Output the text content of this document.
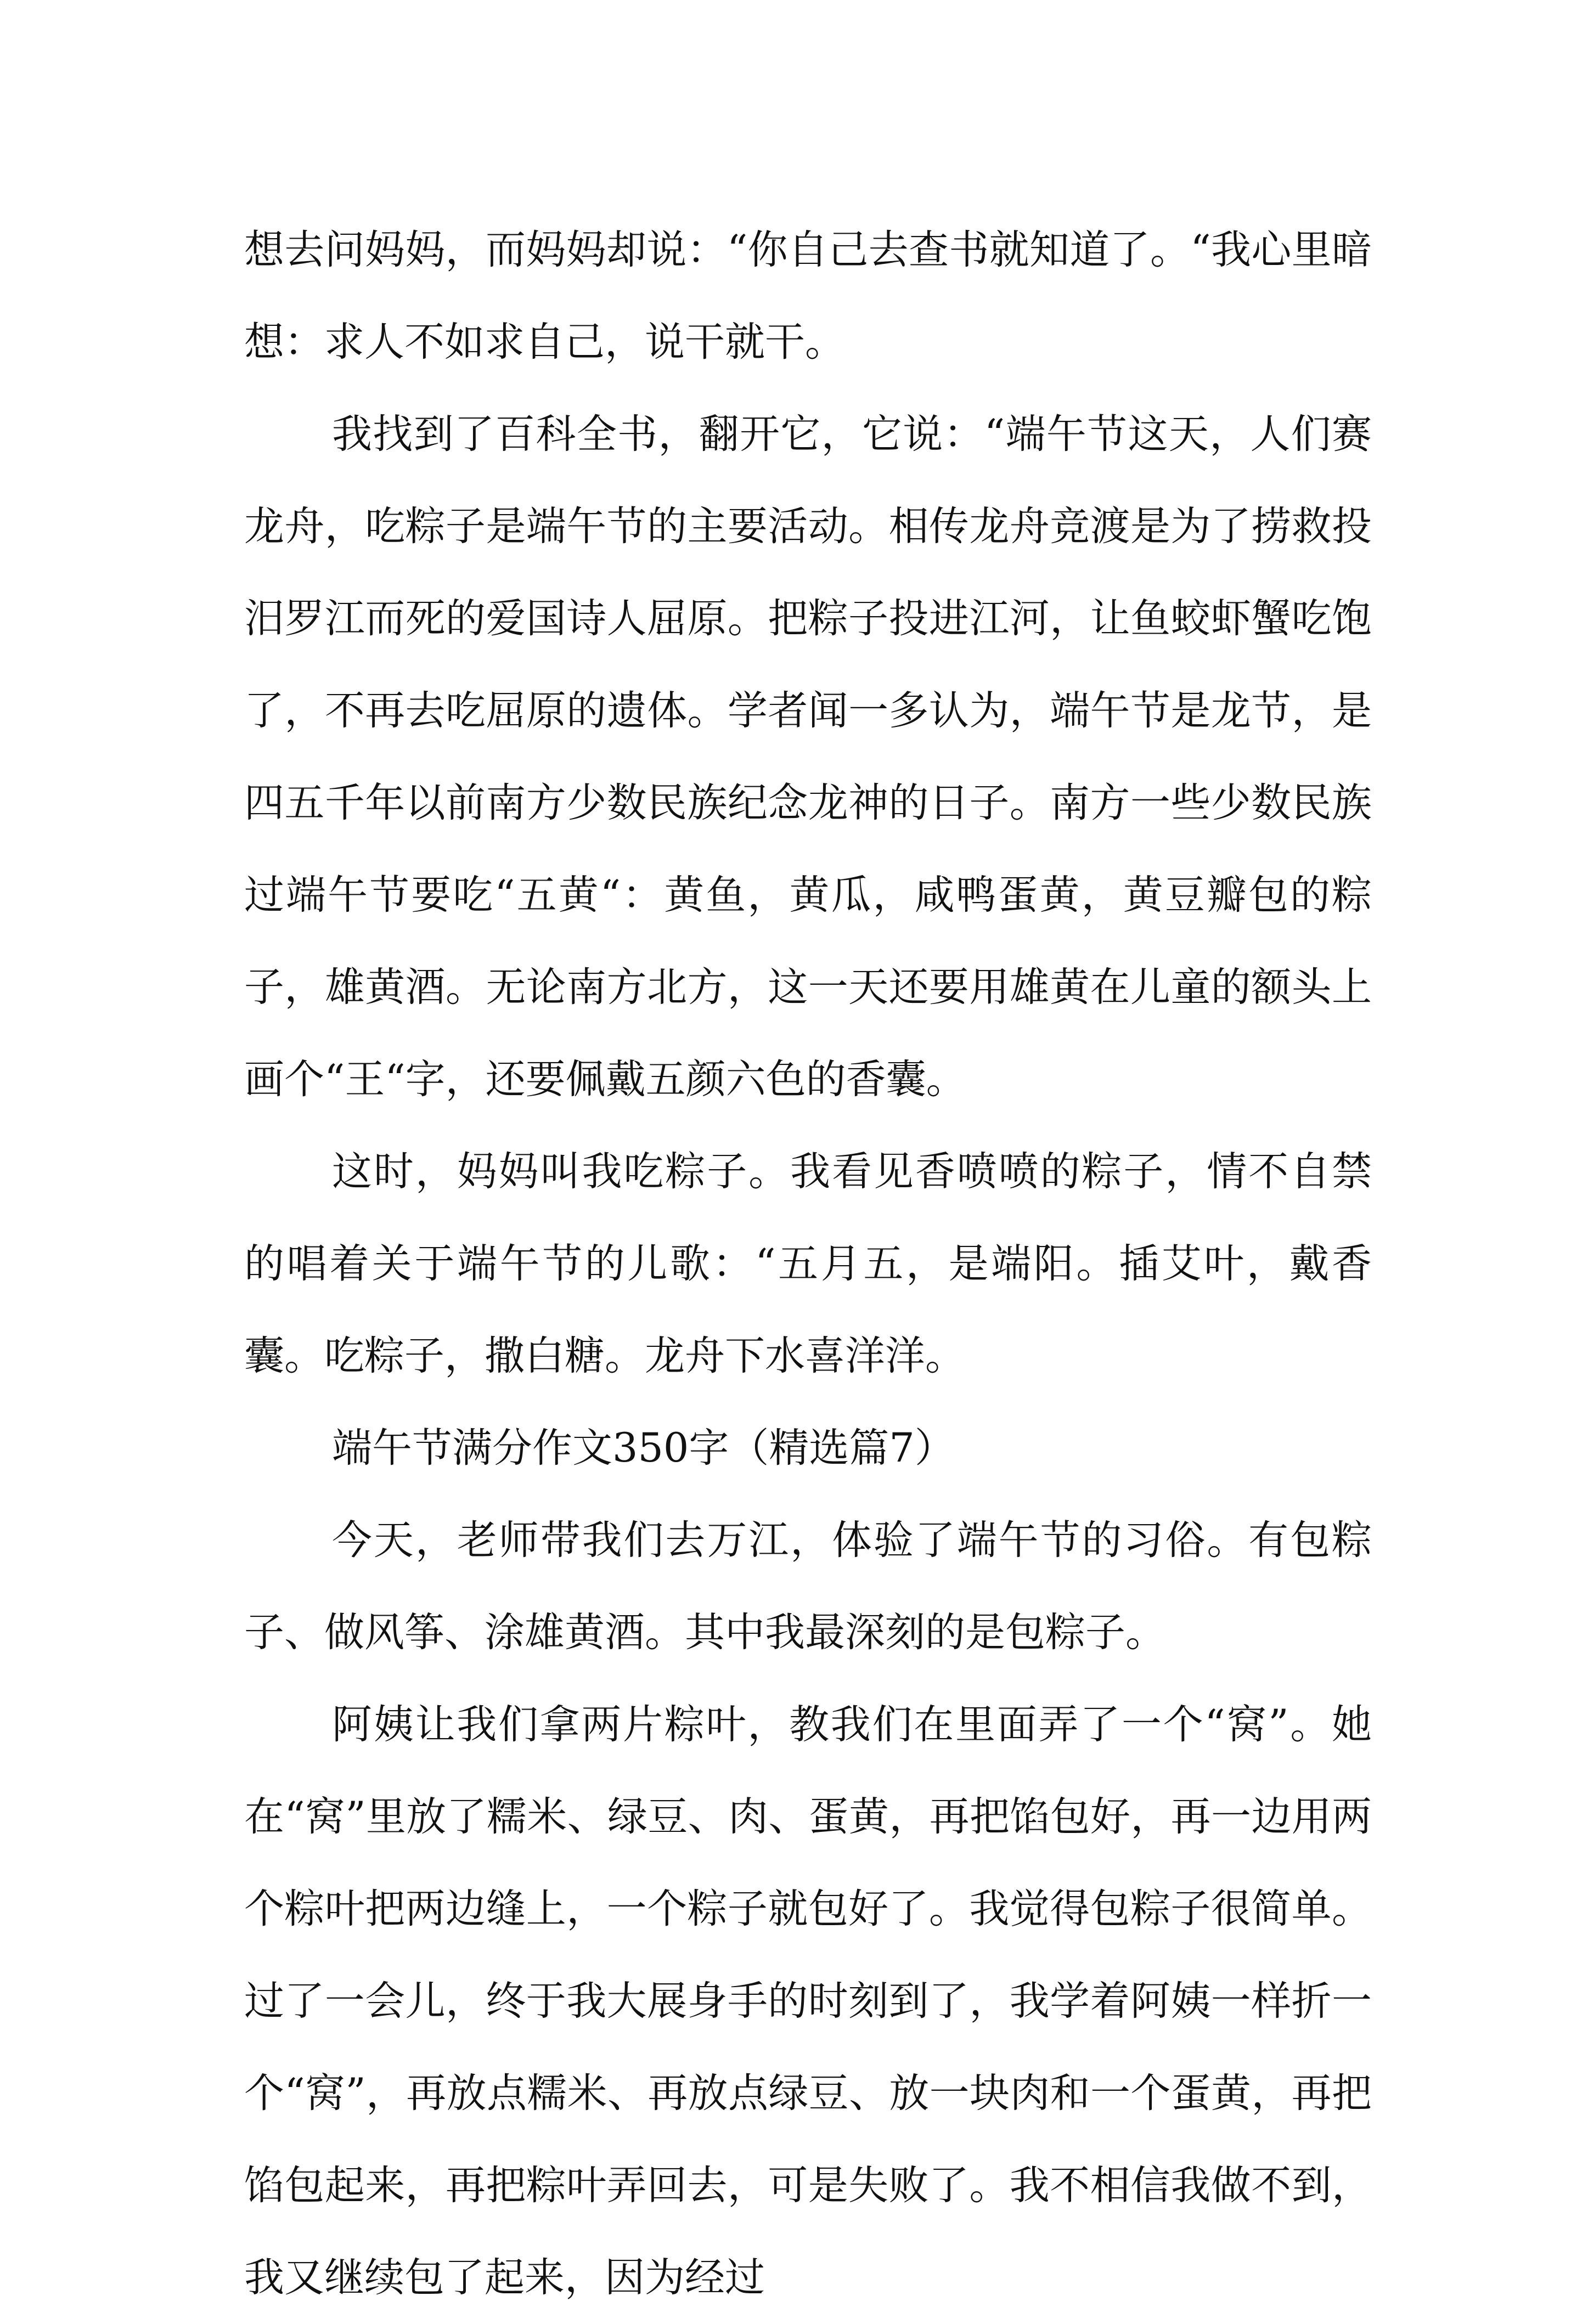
想去问妈妈，而妈妈却说：“你自己去查书就知道了。“我心里暗想：求人不如求自己，说干就干。

我找到了百科全书，翻开它，它说：“端午节这天，人们赛龙舟，吃粽子是端午节的主要活动。相传龙舟竞渡是为了捞救投汨罗江而死的爱国诗人屈原。把粽子投进江河，让鱼蛟虾蟹吃饱了，不再去吃屈原的遗体。学者闻一多认为，端午节是龙节，是四五千年以前南方少数民族纪念龙神的日子。南方一些少数民族过端午节要吃“五黄“：黄鱼，黄瓜，咸鸭蛋黄，黄豆瓣包的粽子，雄黄酒。无论南方北方，这一天还要用雄黄在儿童的额头上画个“王“字，还要佩戴五颜六色的香囊。

这时，妈妈叫我吃粽子。我看见香喷喷的粽子，情不自禁的唱着关于端午节的儿歌：“五月五，是端阳。插艾叶，戴香囊。吃粽子，撒白糖。龙舟下水喜洋洋。

端午节满分作文350字（精选篇7）

今天，老师带我们去万江，体验了端午节的习俗。有包粽子、做风筝、涂雄黄酒。其中我最深刻的是包粽子。

阿姨让我们拿两片粽叶，教我们在里面弄了一个“窝”。她在“窝”里放了糯米、绿豆、肉、蛋黄，再把馅包好，再一边用两个粽叶把两边缝上，一个粽子就包好了。我觉得包粽子很简单。过了一会儿，终于我大展身手的时刻到了，我学着阿姨一样折一个“窝”，再放点糯米、再放点绿豆、放一块肉和一个蛋黄，再把馅包起来，再把粽叶弄回去，可是失败了。我不相信我做不到，我又继续包了起来，因为经过
